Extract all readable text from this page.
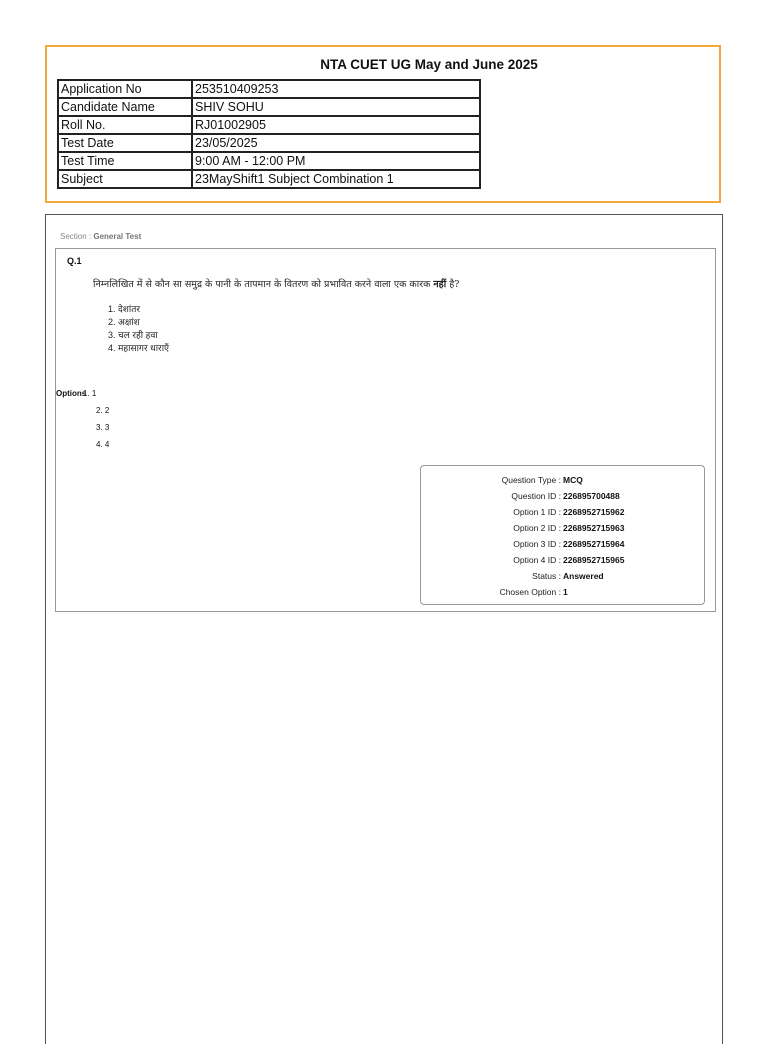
NTA CUET UG May and June 2025
Application No	253510409253
Candidate Name	SHIV SOHU
Roll No.	RJ01002905
Test Date	23/05/2025
Test Time	9:00 AM - 12:00 PM
Subject	23MayShift1 Subject Combination 1
Section : General Test
Q.1
निम्नलिखित में से कौन सा समुद्र के पानी के तापमान के वितरण को प्रभावित करने वाला एक कारक नहीं है?
1. देशांतर
2. अक्षांश
3. चल रही हवा
4. महासागर धाराएँ
Options
1. 1
2. 2
3. 3
4. 4
Question Type : MCQ
Question ID : 226895700488
Option 1 ID : 2268952715962
Option 2 ID : 2268952715963
Option 3 ID : 2268952715964
Option 4 ID : 2268952715965
Status : Answered
Chosen Option : 1
